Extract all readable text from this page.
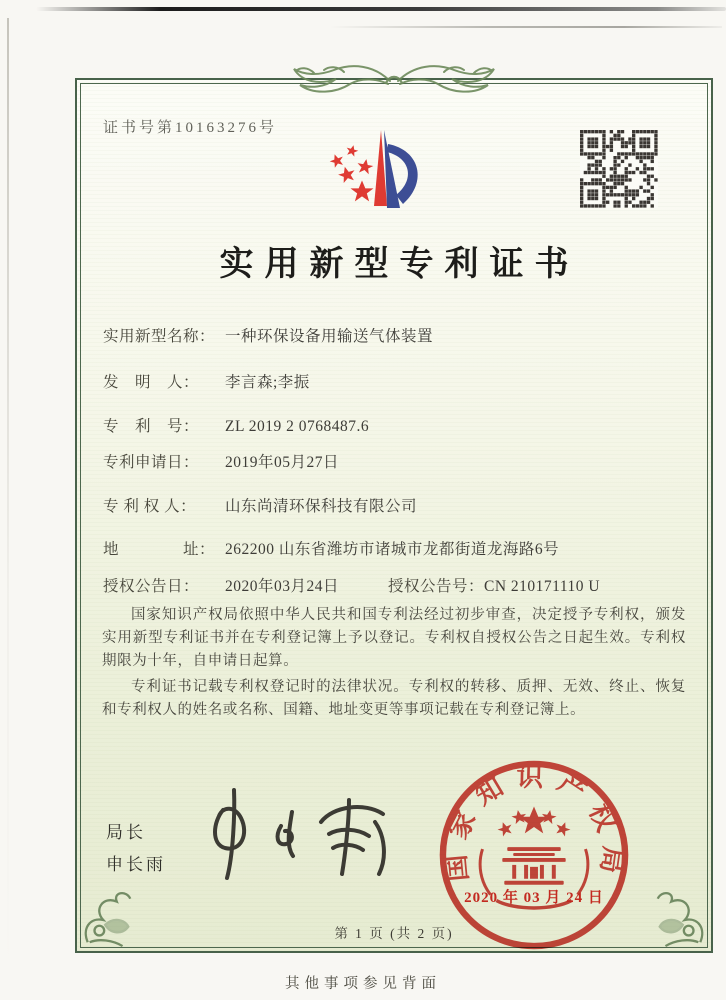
证书号第10163276号
实用新型专利证书
实用新型名称： 一种环保设备用输送气体装置
发　明　人： 李言森;李振
专　利　号： ZL 2019 2 0768487.6
专利申请日： 2019年05月27日
专 利 权 人： 山东尚清环保科技有限公司
地　　　　址： 262200 山东省潍坊市诸城市龙都街道龙海路6号
授权公告日： 2020年03月24日	授权公告号：CN 210171110 U

国家知识产权局依照中华人民共和国专利法经过初步审查，决定授予专利权，颁发实用新型专利证书并在专利登记簿上予以登记。专利权自授权公告之日起生效。专利权期限为十年，自申请日起算。

专利证书记载专利权登记时的法律状况。专利权的转移、质押、无效、终止、恢复和专利权人的姓名或名称、国籍、地址变更等事项记载在专利登记簿上。

局长
申长雨	国家知识产权局
2020 年 03 月 24 日
第 1 页 (共 2 页)
其他事项参见背面
